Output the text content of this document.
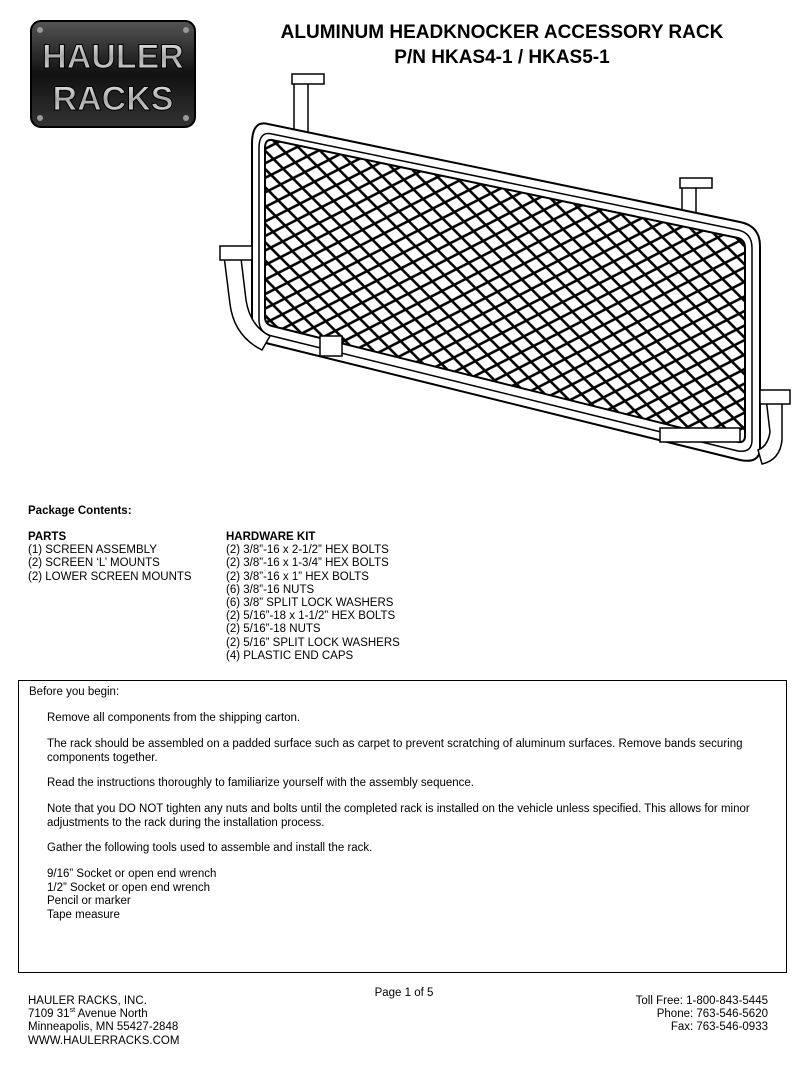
HAULER
RACKS
ALUMINUM HEADKNOCKER ACCESSORY RACK
P/N HKAS4-1 / HKAS5-1
Package Contents:
PARTS
(1) SCREEN ASSEMBLY
(2) SCREEN ‘L’ MOUNTS
(2) LOWER SCREEN MOUNTS
HARDWARE KIT
(2) 3/8”-16 x 2-1/2” HEX BOLTS
(2) 3/8”-16 x 1-3/4” HEX BOLTS
(2) 3/8”-16 x 1” HEX BOLTS
(6) 3/8”-16 NUTS
(6) 3/8” SPLIT LOCK WASHERS
(2) 5/16”-18 x 1-1/2” HEX BOLTS
(2) 5/16”-18 NUTS
(2) 5/16” SPLIT LOCK WASHERS
(4) PLASTIC END CAPS
Before you begin:

Remove all components from the shipping carton.

The rack should be assembled on a padded surface such as carpet to prevent scratching of aluminum surfaces. Remove bands securing components together.

Read the instructions thoroughly to familiarize yourself with the assembly sequence.

Note that you DO NOT tighten any nuts and bolts until the completed rack is installed on the vehicle unless specified. This allows for minor adjustments to the rack during the installation process.

Gather the following tools used to assemble and install the rack.

9/16” Socket or open end wrench
1/2” Socket or open end wrench
Pencil or marker
Tape measure
Page 1 of 5
HAULER RACKS, INC.
7109 31st Avenue North
Minneapolis, MN 55427-2848
WWW.HAULERRACKS.COM
Toll Free: 1-800-843-5445
Phone: 763-546-5620
Fax: 763-546-0933
